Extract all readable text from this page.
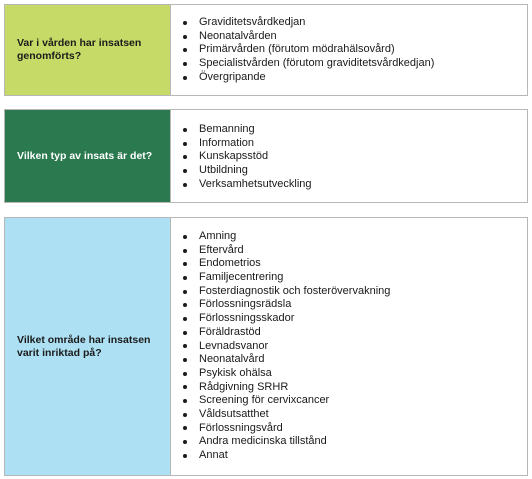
Var i vården har insatsen genomförts?
Graviditetsvårdkedjan
Neonatalvården
Primärvården (förutom mödrahälsovård)
Specialistvården (förutom graviditetsvårdkedjan)
Övergripande
Vilken typ av insats är det?
Bemanning
Information
Kunskapsstöd
Utbildning
Verksamhetsutveckling
Vilket område har insatsen varit inriktad på?
Amning
Eftervård
Endometrios
Familjecentrering
Fosterdiagnostik och fosterövervakning
Förlossningsrädsla
Förlossningsskador
Föräldrastöd
Levnadsvanor
Neonatalvård
Psykisk ohälsa
Rådgivning SRHR
Screening för cervixcancer
Våldsutsatthet
Förlossningsvård
Andra medicinska tillstånd
Annat
